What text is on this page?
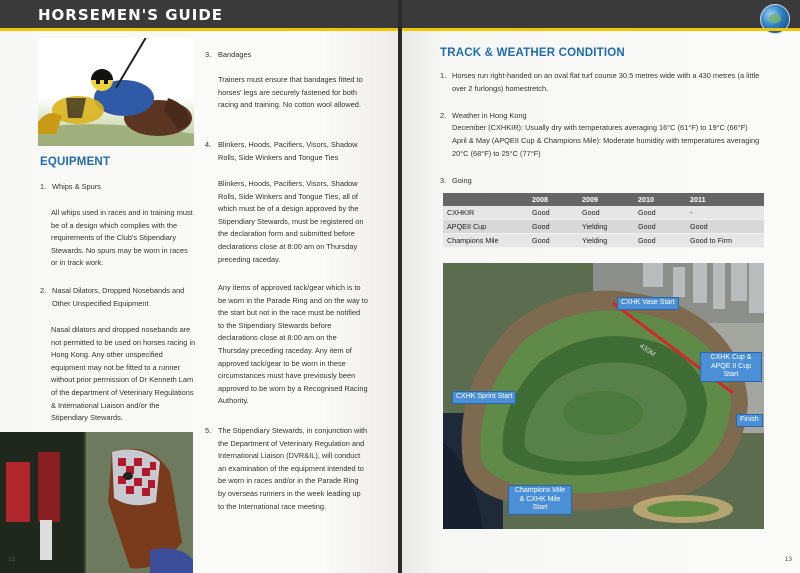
HORSEMEN'S GUIDE
EQUIPMENT
1. Whips & Spurs
All whips used in races and in training must be of a design which complies with the requirements of the Club's Stipendiary Stewards. No spurs may be worn in races or in track work.
2. Nasal Dilators, Dropped Nosebands and Other Unspecified Equipment
Nasal dilators and dropped nosebands are not permitted to be used on horses racing in Hong Kong. Any other unspecified equipment may not be fitted to a runner without prior permission of Dr Kenneth Lam of the department of Veterinary Regulations & International Liaison and/or the Stipendiary Stewards.
3. Bandages
Trainers must ensure that bandages fitted to horses' legs are securely fastened for both racing and training. No cotton wool allowed.
4. Blinkers, Hoods, Pacifiers, Visors, Shadow Rolls, Side Winkers and Tongue Ties
Blinkers, Hoods, Pacifiers, Visors, Shadow Rolls, Side Winkers and Tongue Ties, all of which must be of a design approved by the Stipendiary Stewards, must be registered on the declaration form and submitted before declarations close at 8:00 am on Thursday preceding raceday.
Any items of approved tack/gear which is to be worn in the Parade Ring and on the way to the start but not in the race must be notified to the Stipendiary Stewards before declarations close at 8:00 am on the Thursday preceding raceday. Any item of approved tack/gear to be worn in these circumstances must have previously been approved to be worn by a Recognised Racing Authority.
5. The Stipendiary Stewards, in conjunction with the Department of Veterinary Regulation and International Liaison (DVR&IL), will conduct an examination of the equipment intended to be worn in races and/or in the Parade Ring by overseas runners in the week leading up to the International race meeting.
12
TRACK & WEATHER CONDITION
1. Horses run right-handed on an oval flat turf course 30.5 metres wide with a 430 metres (a little over 2 furlongs) homestretch.
2. Weather in Hong Kong
December (CXHKIR): Usually dry with temperatures averaging 16°C (61°F) to 19°C (66°F)
April & May (APQEII Cup & Champions Mile): Moderate humidity with temperatures averaging 20°C (68°F) to 25°C (77°F)
3. Going
13
	2008	2009	2010	2011
CXHKIR	Good	Good	Good	-
APQEII Cup	Good	Yielding	Good	Good
Champions Mile	Good	Yielding	Good	Good to Firm
430M
CXHK Vase Start
CXHK Cup & APQE II Cup Start
CXHK Sprint Start
Finish
Champions Mile & CXHK Mile Start
